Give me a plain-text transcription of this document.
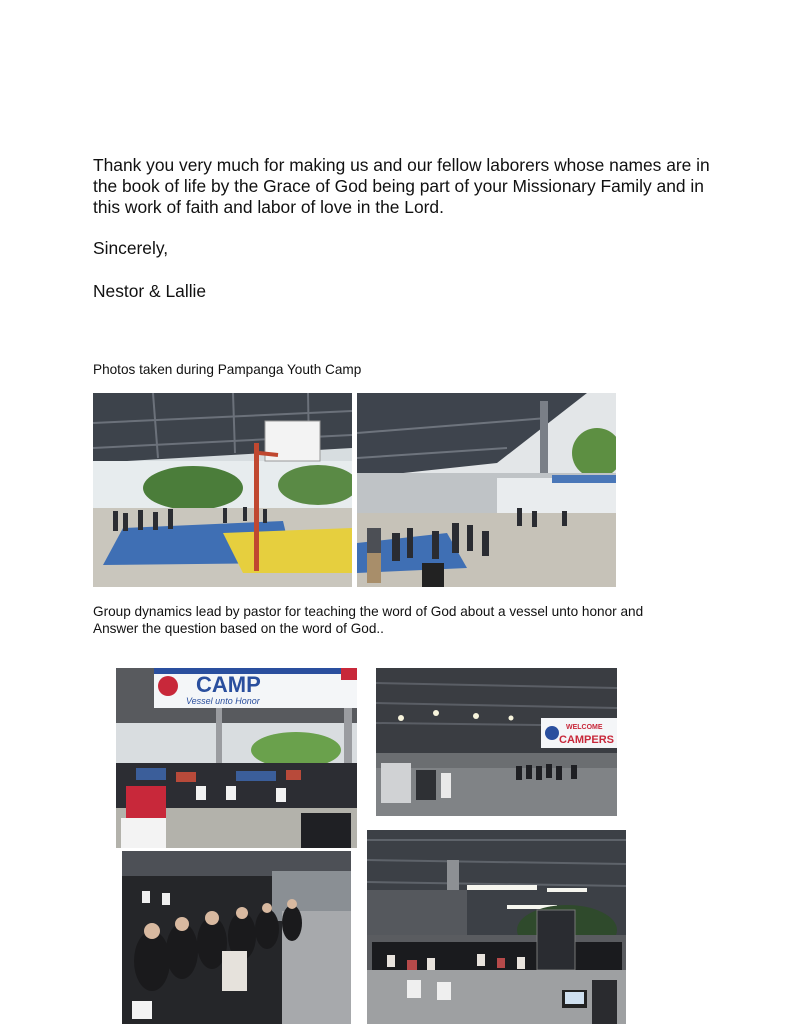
Thank you very much for making us and our fellow laborers whose names are in the book of life by the Grace of God being part of your Missionary Family and in this work of faith and labor of love in the Lord.

Sincerely,

Nestor & Lallie

Photos taken during Pampanga Youth Camp

Group dynamics lead by pastor for teaching the word of God about a vessel unto honor and
Answer the question based on the word of God..

CAMP
Vessel unto Honor
WELCOME
CAMPERS
